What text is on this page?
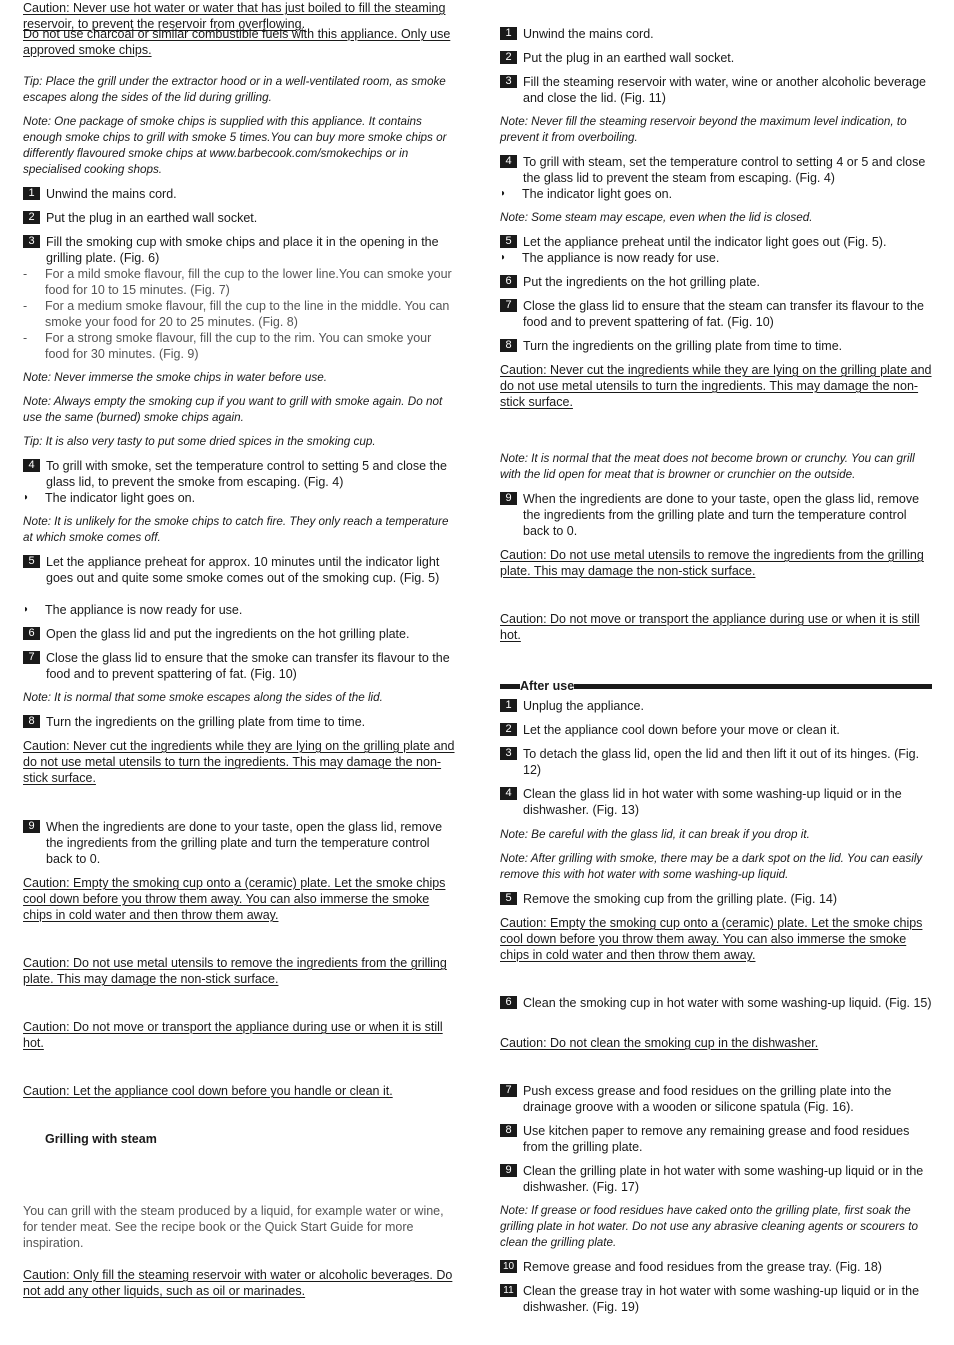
Do not use charcoal or similar combustible fuels with this appliance. Only use approved smoke chips.
Tip: Place the grill under the extractor hood or in a well-ventilated room, as smoke escapes along the sides of the lid during grilling.
Note: One package of smoke chips is supplied with this appliance. It contains enough smoke chips to grill with smoke 5 times.You can buy more smoke chips or differently flavoured smoke chips at www.barbecook.com/smokechips or in specialised cooking shops.
1 Unwind the mains cord.
2 Put the plug in an earthed wall socket.
3 Fill the smoking cup with smoke chips and place it in the opening in the grilling plate. (Fig. 6)
-	For a mild smoke flavour, fill the cup to the lower line.You can smoke your food for 10 to 15 minutes. (Fig. 7)
-	For a medium smoke flavour, fill the cup to the line in the middle. You can smoke your food for 20 to 25 minutes. (Fig. 8)
-	For a strong smoke flavour, fill the cup to the rim. You can smoke your food for 30 minutes. (Fig. 9)
Note: Never immerse the smoke chips in water before use.
Note: Always empty the smoking cup if you want to grill with smoke again. Do not use the same (burned) smoke chips again.
Tip: It is also very tasty to put some dried spices in the smoking cup.
4 To grill with smoke, set the temperature control to setting 5 and close the glass lid, to prevent the smoke from escaping. (Fig. 4)
◗	The indicator light goes on.
Note: It is unlikely for the smoke chips to catch fire. They only reach a temperature at which smoke comes off.
5 Let the appliance preheat for approx. 10 minutes until the indicator light goes out and quite some smoke comes out of the smoking cup. (Fig. 5)
◗	The appliance is now ready for use.
6 Open the glass lid and put the ingredients on the hot grilling plate.
7 Close the glass lid to ensure that the smoke can transfer its flavour to the food and to prevent spattering of fat. (Fig. 10)
Note: It is normal that some smoke escapes along the sides of the lid.
8 Turn the ingredients on the grilling plate from time to time.
Caution: Never cut the ingredients while they are lying on the grilling plate and do not use metal utensils to turn the ingredients. This may damage the non-stick surface.
9 When the ingredients are done to your taste, open the glass lid, remove the ingredients from the grilling plate and turn the temperature control back to 0.
Caution: Empty the smoking cup onto a (ceramic) plate. Let the smoke chips cool down before you throw them away. You can also immerse the smoke chips in cold water and then throw them away.
Caution: Do not use metal utensils to remove the ingredients from the grilling plate. This may damage the non-stick surface.
Caution: Do not move or transport the appliance during use or when it is still hot.
Caution: Let the appliance cool down before you handle or clean it.
Grilling with steam
You can grill with the steam produced by a liquid, for example water or wine, for tender meat. See the recipe book or the Quick Start Guide for more inspiration.
Caution: Only fill the steaming reservoir with water or alcoholic beverages. Do not add any other liquids, such as oil or marinades.
Caution: Never use hot water or water that has just boiled to fill the steaming reservoir, to prevent the reservoir from overflowing.
1 Unwind the mains cord.
2 Put the plug in an earthed wall socket.
3 Fill the steaming reservoir with water, wine or another alcoholic beverage and close the lid. (Fig. 11)
Note: Never fill the steaming reservoir beyond the maximum level indication, to prevent it from overboiling.
4 To grill with steam, set the temperature control to setting 4 or 5 and close the glass lid to prevent the steam from escaping. (Fig. 4)
◗	The indicator light goes on.
Note: Some steam may escape, even when the lid is closed.
5 Let the appliance preheat until the indicator light goes out (Fig. 5).
◗	The appliance is now ready for use.
6 Put the ingredients on the hot grilling plate.
7 Close the glass lid to ensure that the steam can transfer its flavour to the food and to prevent spattering of fat. (Fig. 10)
8 Turn the ingredients on the grilling plate from time to time.
Caution: Never cut the ingredients while they are lying on the grilling plate and do not use metal utensils to turn the ingredients. This may damage the non-stick surface.
Note: It is normal that the meat does not become brown or crunchy. You can grill with the lid open for meat that is browner or crunchier on the outside.
9 When the ingredients are done to your taste, open the glass lid, remove the ingredients from the grilling plate and turn the temperature control back to 0.
Caution: Do not use metal utensils to remove the ingredients from the grilling plate. This may damage the non-stick surface.
Caution: Do not move or transport the appliance during use or when it is still hot.
After use
1 Unplug the appliance.
2 Let the appliance cool down before your move or clean it.
3 To detach the glass lid, open the lid and then lift it out of its hinges. (Fig. 12)
4 Clean the glass lid in hot water with some washing-up liquid or in the dishwasher. (Fig. 13)
Note: Be careful with the glass lid, it can break if you drop it.
Note: After grilling with smoke, there may be a dark spot on the lid. You can easily remove this with hot water with some washing-up liquid.
5 Remove the smoking cup from the grilling plate. (Fig. 14)
Caution: Empty the smoking cup onto a (ceramic) plate. Let the smoke chips cool down before you throw them away. You can also immerse the smoke chips in cold water and then throw them away.
6 Clean the smoking cup in hot water with some washing-up liquid. (Fig. 15)
Caution: Do not clean the smoking cup in the dishwasher.
7 Push excess grease and food residues on the grilling plate into the drainage groove with a wooden or silicone spatula (Fig. 16).
8 Use kitchen paper to remove any remaining grease and food residues from the grilling plate.
9 Clean the grilling plate in hot water with some washing-up liquid or in the dishwasher. (Fig. 17)
Note: If grease or food residues have caked onto the grilling plate, first soak the grilling plate in hot water. Do not use any abrasive cleaning agents or scourers to clean the grilling plate.
10 Remove grease and food residues from the grease tray. (Fig. 18)
11 Clean the grease tray in hot water with some washing-up liquid or in the dishwasher. (Fig. 19)
